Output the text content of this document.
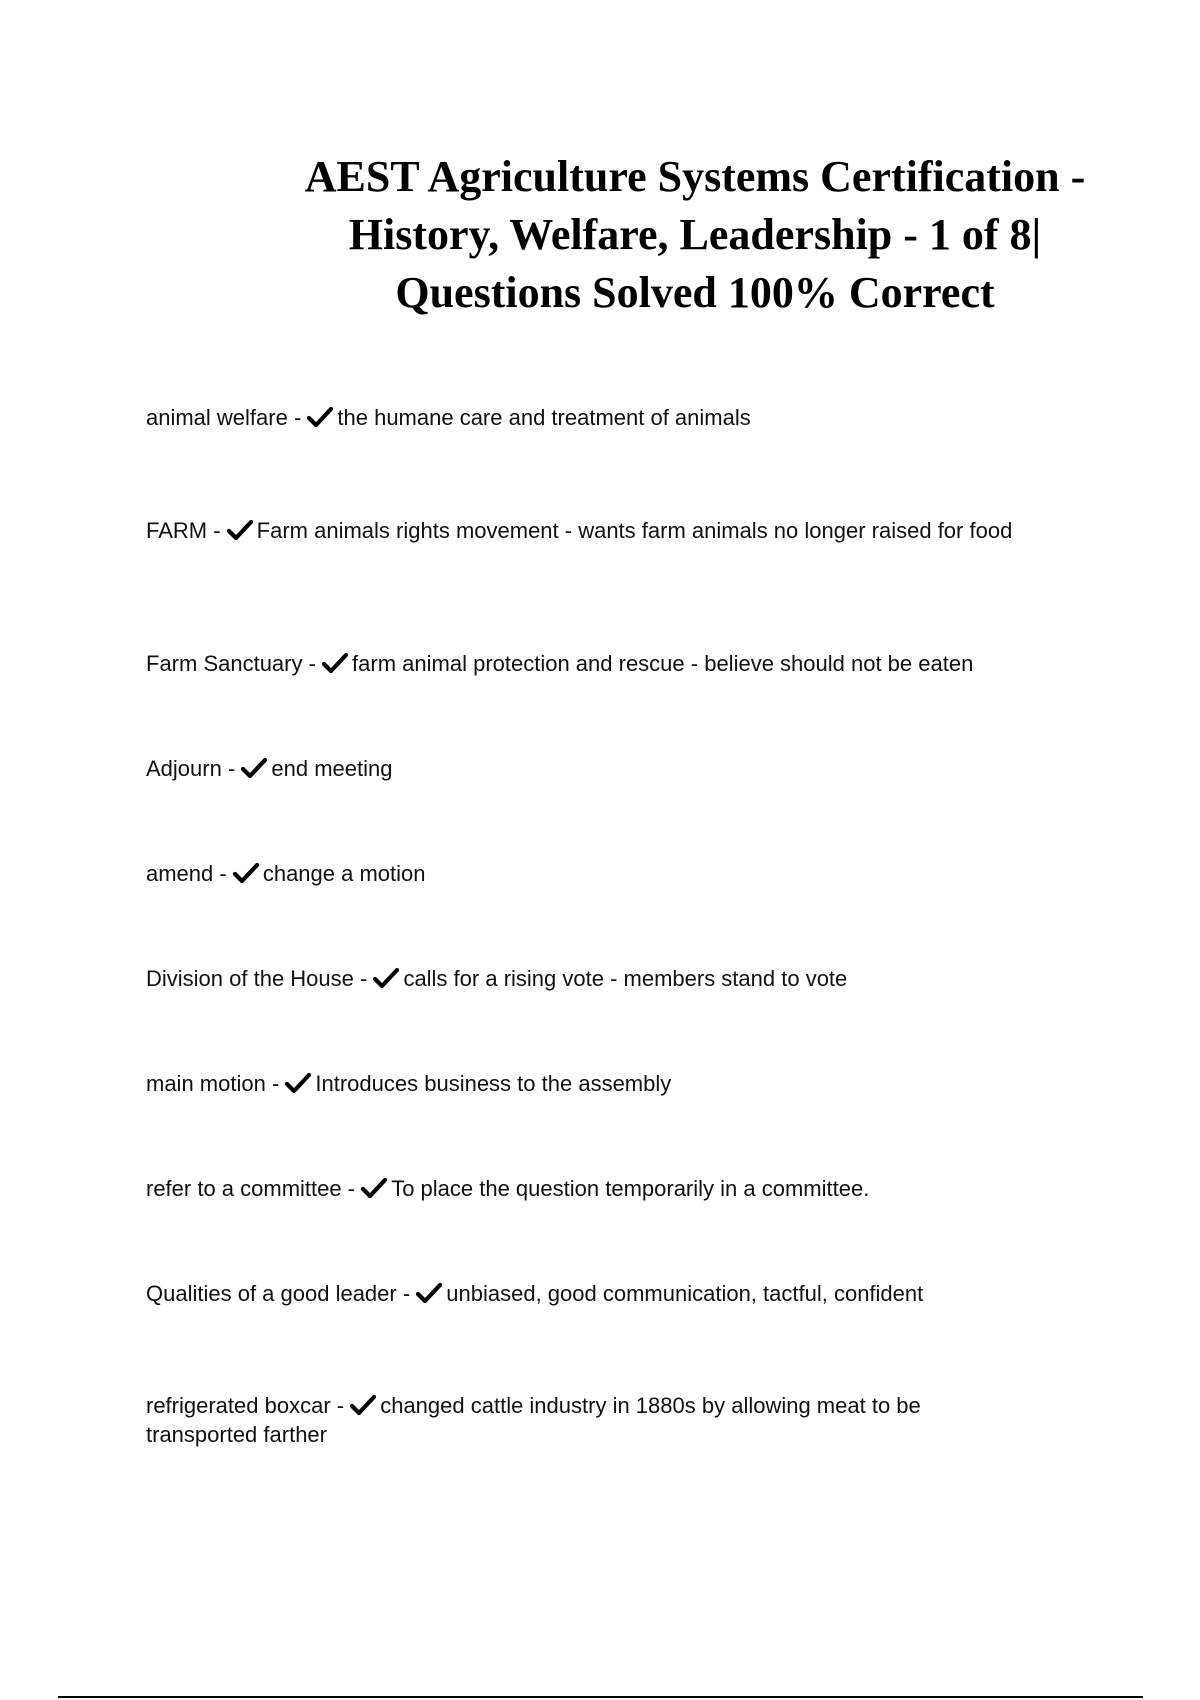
AEST Agriculture Systems Certification - History, Welfare, Leadership - 1 of 8| Questions Solved 100% Correct

animal welfare -
the humane care and treatment of animals

FARM -
Farm animals rights movement - wants farm animals no longer raised for food

Farm Sanctuary -
farm animal protection and rescue - believe should not be eaten

Adjourn -
end meeting

amend -
change a motion

Division of the House -
calls for a rising vote - members stand to vote

main motion -
Introduces business to the assembly

refer to a committee -
To place the question temporarily in a committee.

Qualities of a good leader -
unbiased, good communication, tactful, confident

refrigerated boxcar -
changed cattle industry in 1880s by allowing meat to be transported farther
